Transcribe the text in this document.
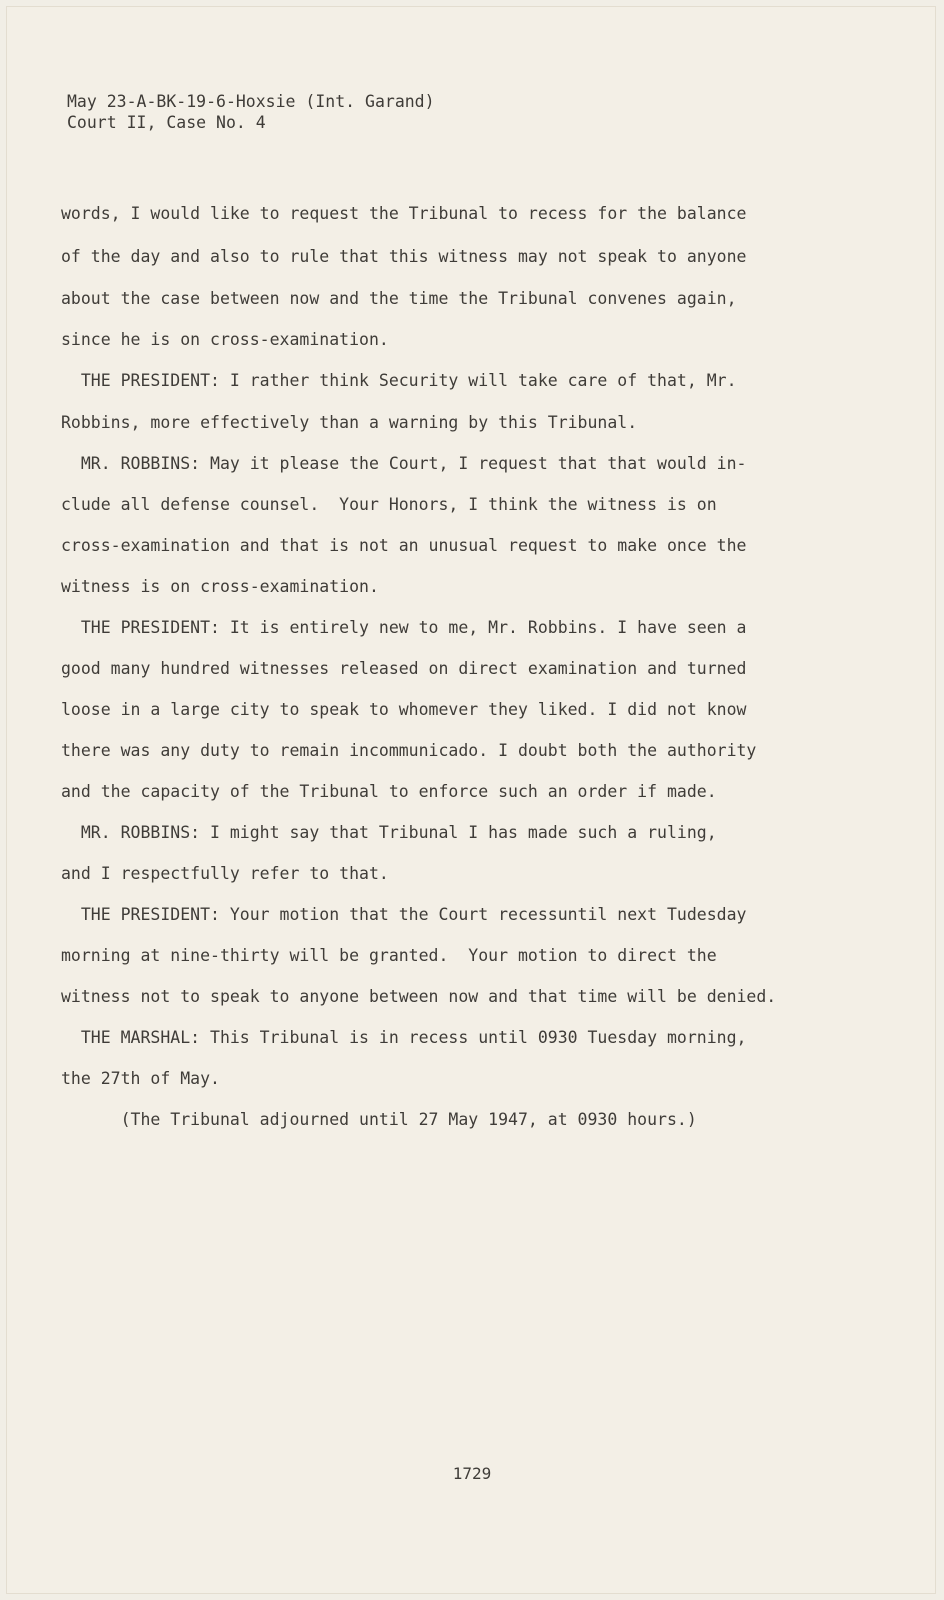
May 23-A-BK-19-6-Hoxsie (Int. Garand)
Court II, Case No. 4
words, I would like to request the Tribunal to recess for the balance
of the day and also to rule that this witness may not speak to anyone
about the case between now and the time the Tribunal convenes again,
since he is on cross-examination.
THE PRESIDENT: I rather think Security will take care of that, Mr.
Robbins, more effectively than a warning by this Tribunal.
MR. ROBBINS: May it please the Court, I request that that would in-
clude all defense counsel.  Your Honors, I think the witness is on
cross-examination and that is not an unusual request to make once the
witness is on cross-examination.
THE PRESIDENT: It is entirely new to me, Mr. Robbins. I have seen a
good many hundred witnesses released on direct examination and turned
loose in a large city to speak to whomever they liked. I did not know
there was any duty to remain incommunicado. I doubt both the authority
and the capacity of the Tribunal to enforce such an order if made.
MR. ROBBINS: I might say that Tribunal I has made such a ruling,
and I respectfully refer to that.
THE PRESIDENT: Your motion that the Court recessuntil next Tudesday
morning at nine-thirty will be granted.  Your motion to direct the
witness not to speak to anyone between now and that time will be denied.
THE MARSHAL: This Tribunal is in recess until 0930 Tuesday morning,
the 27th of May.
(The Tribunal adjourned until 27 May 1947, at 0930 hours.)
1729
